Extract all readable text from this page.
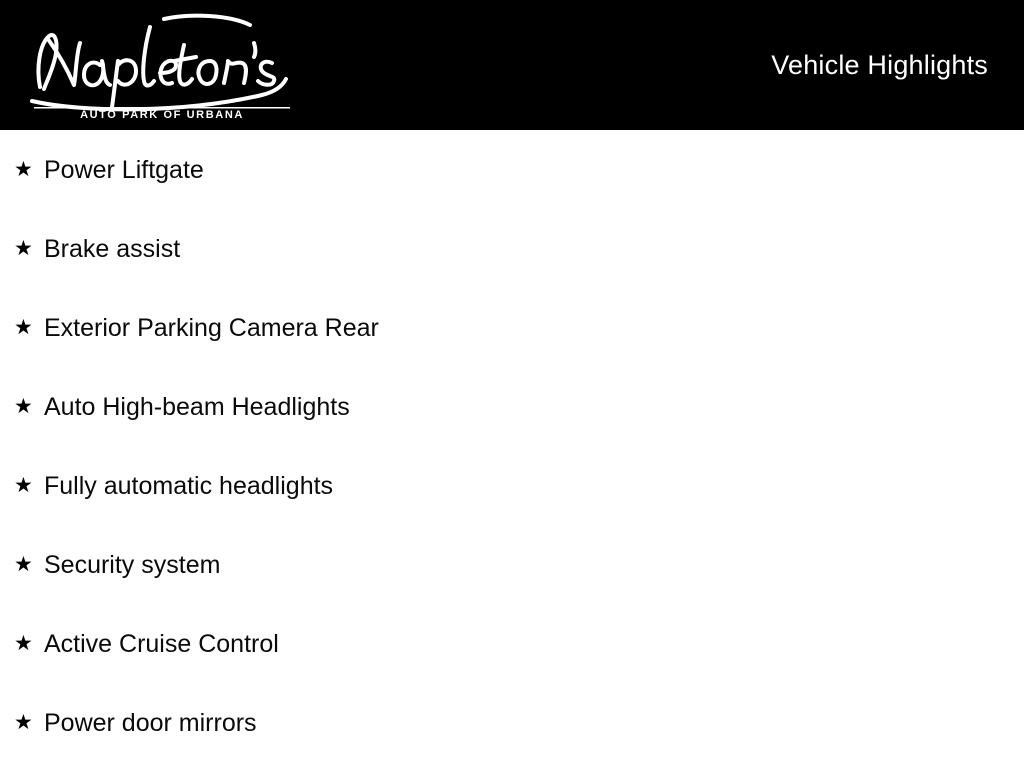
AUTO PARK OF URBANA
Vehicle Highlights
★ Power Liftgate
★ Brake assist
★ Exterior Parking Camera Rear
★ Auto High-beam Headlights
★ Fully automatic headlights
★ Security system
★ Active Cruise Control
★ Power door mirrors
